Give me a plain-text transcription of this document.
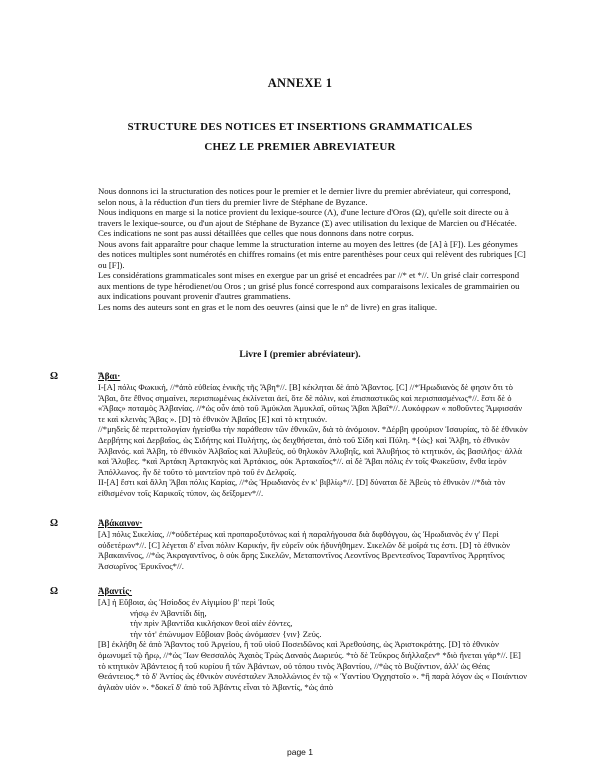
ANNEXE 1
STRUCTURE DES NOTICES ET INSERTIONS GRAMMATICALES
CHEZ LE PREMIER ABREVIATEUR

Nous donnons ici la structuration des notices pour le premier et le dernier livre du premier abréviateur, qui correspond, selon nous, à la réduction d'un tiers du premier livre de Stéphane de Byzance.

Nous indiquons en marge si la notice provient du lexique-source (Λ), d'une lecture d'Oros (Ω), qu'elle soit directe ou à travers le lexique-source, ou d'un ajout de Stéphane de Byzance (Σ) avec utilisation du lexique de Marcien ou d'Hécatée. Ces indications ne sont pas aussi détaillées que celles que nous donnons dans notre corpus.

Nous avons fait apparaître pour chaque lemme la structuration interne au moyen des lettres (de [A] à [F]). Les géonymes des notices multiples sont numérotés en chiffres romains (et mis entre parenthèses pour ceux qui relèvent des rubriques [C] ou [F]).

Les considérations grammaticales sont mises en exergue par un grisé et encadrées par //* et *//. Un grisé clair correspond aux mentions de type hérodienet/ou Oros ; un grisé plus foncé correspond aux comparaisons lexicales de grammairien ou aux indications pouvant provenir d'autres grammatiens.

Les noms des auteurs sont en gras et le nom des oeuvres (ainsi que le n° de livre) en gras italique.

Livre I (premier abréviateur).
Ω	Ἄβαι·

I-[A] πόλις Φωκική, //*ἀπὸ εὐθείας ἑνικῆς τῆς Ἄβη*//. [B] κέκληται δὲ ἀπὸ Ἄβαντος. [C] //*Ἡρωδιανὸς δὲ φησιν ὅτι τὸ Ἄβαι, ὅτε ἔθνος σημαίνει, περισπωμένως ἐκλίνεται ἀεί, ὅτε δὲ πόλιν, καὶ ἐπισπαστικῶς καὶ περισπασμένως*//. ἔστι δὲ ὁ «Ἄβας» ποταμὸς Ἀλβανίας. //*ὡς οὖν ἀπὸ τοῦ Ἀμύκλαι Ἀμυκλαῖ, οὕτως Ἄβαι Ἀβαῖ*//. Λυκόφρων « ποθοῦντες Ἄμφισσάν τε καὶ κλεινὰς Ἄβας ». [D] τὸ ἐθνικὸν Ἀβαῖος [E] καὶ τὸ κτητικόν.

//*μηδεὶς δὲ περιττολογίαν ἡγείσθω τὴν παράθεσιν τῶν ἐθνικῶν, διὰ τὸ ἀνόμοιον. *Δέρβη φρούριον Ἰσαυρίας, τὸ δὲ ἐθνικὸν Δερβήτης καὶ Δερβαῖος, ὡς Σιδήτης καὶ Πυλήτης, ὡς δειχθήσεται, ἀπὸ τοῦ Σίδη καὶ Πύλη. *{ὡς} καὶ Ἄλβη, τὸ ἐθνικὸν Ἀλβανός. καὶ Ἀλβη, τὸ ἐθνικὸν Ἀλβαῖος καὶ Ἀλυβεύς, οὐ θηλυκὸν Ἀλυβηΐς, καὶ Ἀλυβήιος τὸ κτητικόν, ὡς βασιλῆος· ἀλλὰ καὶ Ἄλυβες. *καὶ Ἀρτάκη Ἀρτακηνὸς καὶ Ἀρτάκιος, οὐκ Ἀρτακαῖος*//. αἱ δὲ Ἄβαι πόλις ἐν τοῖς Φωκεῦσιν, ἔνθα ἱερὸν Ἀπόλλωνος. ἦν δὲ τοῦτο τὸ μαντεῖον πρὸ τοῦ ἐν Δελφοῖς.

II-[A] ἔστι καὶ ἄλλη Ἄβαι πόλις Καρίας, //*ὡς Ἡρωδιανὸς ἐν κʹ βιβλίῳ*//. [D] δύναται δὲ Ἀβεὺς τὸ ἐθνικὸν //*διὰ τὸν εἰθισμένον τοῖς Καρικοῖς τύπον, ὡς δεῖξομεν*//.

Ω	Ἀβάκαινον·

[A] πόλις Σικελίας, //*οὐδετέρως καὶ προπαροξυτόνως καὶ ἡ παραλήγουσα διὰ διφθόγγου, ὡς Ἡρωδιανὸς ἐν γʹ Περὶ οὐδετέρων*//. [C] λέγεται δ' εἶναι πόλιν Καρικήν, ἣν εὑρεῖν οὐκ ἠδυνήθημεν. Σικελῶν δὲ μοῖρά τις ἐστι. [D] τὸ ἐθνικὸν Ἀβακαινῖνος, //*ὡς Ἀκραγαντῖνος, ὁ οὐκ ἄρης Σικελῶν, Μεταποντῖνος Λεοντῖνος Βρεντεσῖνος Ταραντῖνος Ἀρρητῖνος Ἀσσωρῖνος Ἐρυκῖνος*//.

Ω	Ἀβαντίς·

[A] ἡ Εὔβοια, ὡς Ἡσίοδος ἐν Αἰγιμίου βʹ περὶ Ἰοῦς

νήσῳ ἐν Ἀβαντίδι δίῃ,

τὴν πρὶν Ἀβαντίδα κικλήσκον θεοὶ αἰὲν ἐόντες,

τὴν τότ' ἐπώνυμον Εὔβοιαν βοὸς ὠνόμασεν {νιν} Ζεύς.

[B] ἐκλήθη δὲ ἀπὸ Ἄβαντος τοῦ Ἀργείου, ἢ τοῦ υἱοῦ Ποσειδῶνος καὶ Ἀρεθούσης, ὡς Ἀριστοκράτης. [D] τὸ ἐθνικὸν ὁμωνυμεῖ τῷ ἥρῳ, //*ὡς Ἴων Θεσσαλὸς Ἀχαιὸς Τρὼς Δαναὸς Δωριεύς. *τὸ δὲ Τεῦκρος διήλλαξεν* *διὸ ἤνεται γάρ*//. [E] τὸ κτητικὸν Ἀβάντειος ἢ τοῦ κυρίου ἢ τῶν Ἀβάντων, οὐ τόπου τινὸς Ἀβαντίου, //*ὡς τὸ Βυζάντιον, ἀλλ' ὡς Θέας Θεάντειος.* τὸ δ' Ἀντίος ὡς ἐθνικὸν συνέσταλεν Ἀπολλώνιος ἐν τῷ « Ὑαντίου Ὀγχηστοῖο ». *ἢ παρὰ λόγον ὡς « Ποιάντιον ἀγλαὸν υἱόν ». *δοκεῖ δ' ἀπὸ τοῦ Ἀβάντις εἶναι τὸ Ἀβαντίς, *ὡς ἀπὸ

page 1
